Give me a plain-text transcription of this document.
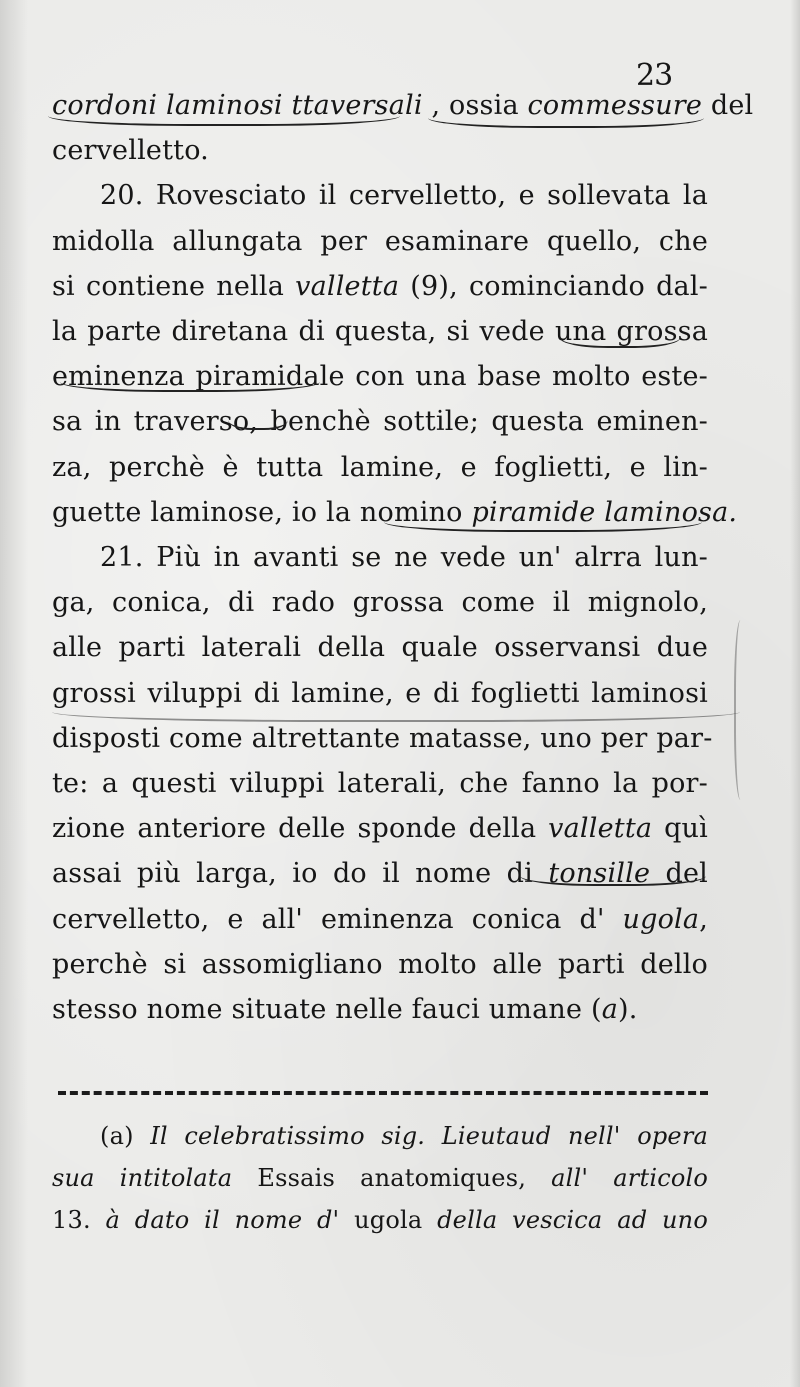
23
cordoni laminosi ttaversali , ossia commessure del
cervelletto.
20. Rovesciato il cervelletto, e sollevata la
midolla allungata per esaminare quello, che
si contiene nella valletta (9), cominciando dal-
la parte diretana di questa, si vede una grossa
eminenza piramidale con una base molto este-
sa in traverso, benchè sottile; questa eminen-
za, perchè è tutta lamine, e foglietti, e lin-
guette laminose, io la nomino piramide laminosa.
21. Più in avanti se ne vede un' alrra lun-
ga, conica, di rado grossa come il mignolo,
alle parti laterali della quale osservansi due
grossi viluppi di lamine, e di foglietti laminosi
disposti come altrettante matasse, uno per par-
te: a questi viluppi laterali, che fanno la por-
zione anteriore delle sponde della valletta quì
assai più larga, io do il nome di tonsille del
cervelletto, e all' eminenza conica d' ugola,
perchè si assomigliano molto alle parti dello
stesso nome situate nelle fauci umane (a).
(a) Il celebratissimo sig. Lieutaud nell' opera
sua intitolata Essais anatomiques, all' articolo
13. à dato il nome d' ugola della vescica ad uno
